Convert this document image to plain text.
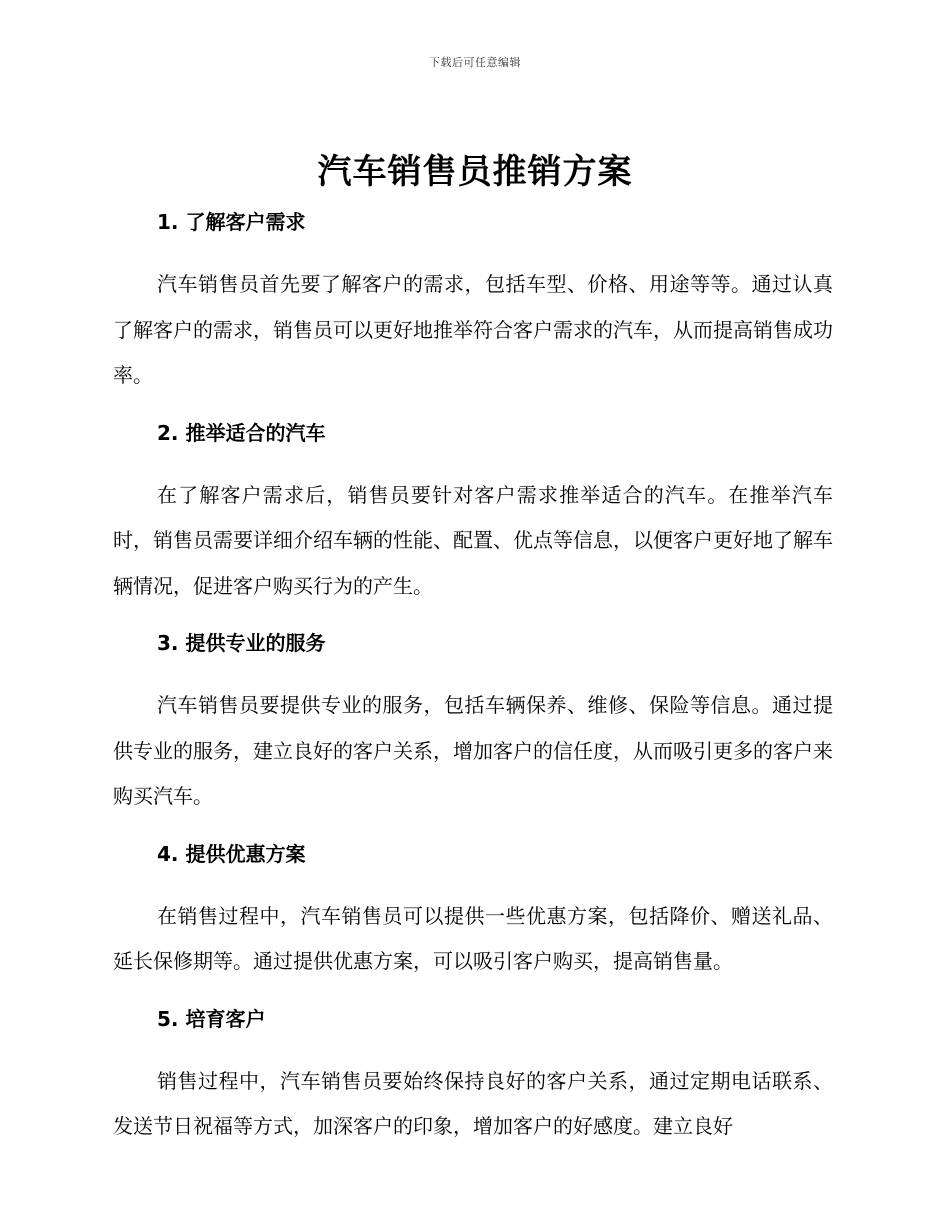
下载后可任意编辑
汽车销售员推销方案
1. 了解客户需求

汽车销售员首先要了解客户的需求，包括车型、价格、用途等等。通过认真了解客户的需求，销售员可以更好地推举符合客户需求的汽车，从而提高销售成功率。

2. 推举适合的汽车

在了解客户需求后，销售员要针对客户需求推举适合的汽车。在推举汽车时，销售员需要详细介绍车辆的性能、配置、优点等信息，以便客户更好地了解车辆情况，促进客户购买行为的产生。

3. 提供专业的服务

汽车销售员要提供专业的服务，包括车辆保养、维修、保险等信息。通过提供专业的服务，建立良好的客户关系，增加客户的信任度，从而吸引更多的客户来购买汽车。

4. 提供优惠方案

在销售过程中，汽车销售员可以提供一些优惠方案，包括降价、赠送礼品、延长保修期等。通过提供优惠方案，可以吸引客户购买，提高销售量。

5. 培育客户

销售过程中，汽车销售员要始终保持良好的客户关系，通过定期电话联系、发送节日祝福等方式，加深客户的印象，增加客户的好感度。建立良好
